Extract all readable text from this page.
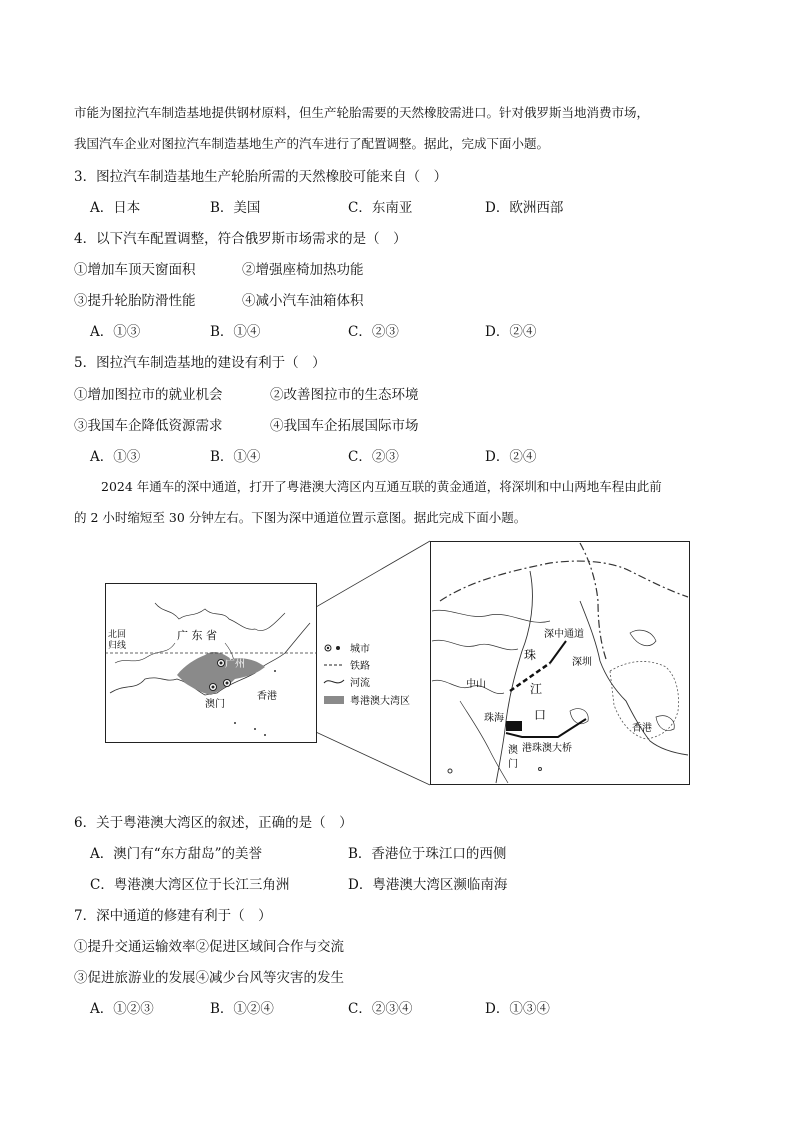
市能为图拉汽车制造基地提供钢材原料，但生产轮胎需要的天然橡胶需进口。针对俄罗斯当地消费市场，
我国汽车企业对图拉汽车制造基地生产的汽车进行了配置调整。据此，完成下面小题。
3．图拉汽车制造基地生产轮胎所需的天然橡胶可能来自（　）
A．日本	B．美国	C．东南亚	D．欧洲西部
4．以下汽车配置调整，符合俄罗斯市场需求的是（　）
①增加车顶天窗面积	②增强座椅加热功能
③提升轮胎防滑性能	④减小汽车油箱体积
A．①③	B．①④	C．②③	D．②④
5．图拉汽车制造基地的建设有利于（　）
①增加图拉市的就业机会	②改善图拉市的生态环境
③我国车企降低资源需求	④我国车企拓展国际市场
A．①③	B．①④	C．②③	D．②④
2024 年通车的深中通道，打开了粤港澳大湾区内互通互联的黄金通道，将深圳和中山两地车程由此前
的 2 小时缩短至 30 分钟左右。下图为深中通道位置示意图。据此完成下面小题。
广 东 省
北回
归线
广州
香港
澳门
城市
铁路
河流
粤港澳大湾区
深中通道
深圳
中山
珠海
珠
江
口
香港
澳
门
港珠澳大桥
6．关于粤港澳大湾区的叙述，正确的是（　）
A．澳门有“东方甜岛”的美誉	B．香港位于珠江口的西侧
C．粤港澳大湾区位于长江三角洲	D．粤港澳大湾区濒临南海
7．深中通道的修建有利于（　）
①提升交通运输效率②促进区域间合作与交流
③促进旅游业的发展④减少台风等灾害的发生
A．①②③	B．①②④	C．②③④	D．①③④
